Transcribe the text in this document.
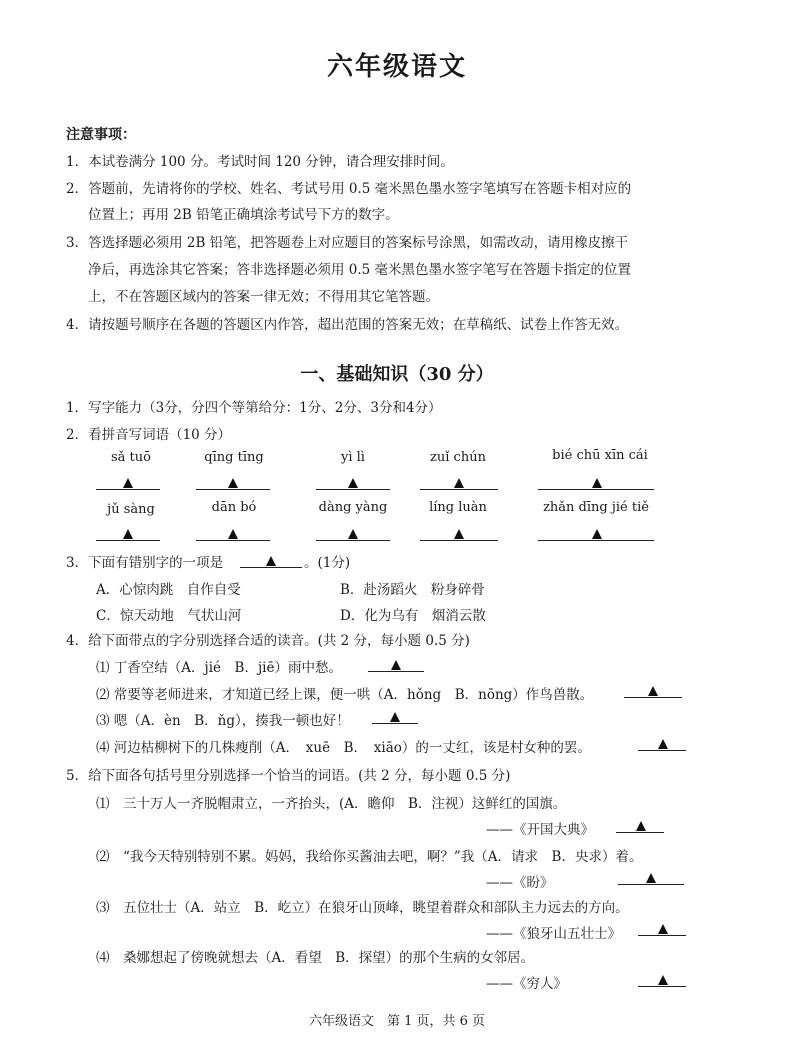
六年级语文
注意事项：
1．本试卷满分 100 分。考试时间 120 分钟，请合理安排时间。
2．答题前，先请将你的学校、姓名、考试号用 0.5 毫米黑色墨水签字笔填写在答题卡相对应的
位置上；再用 2B 铅笔正确填涂考试号下方的数字。
3．答选择题必须用 2B 铅笔，把答题卷上对应题目的答案标号涂黑，如需改动，请用橡皮擦干
净后，再选涂其它答案；答非选择题必须用 0.5 毫米黑色墨水签字笔写在答题卡指定的位置
上，不在答题区域内的答案一律无效；不得用其它笔答题。
4．请按题号顺序在各题的答题区内作答，超出范围的答案无效；在草稿纸、试卷上作答无效。
一、基础知识（30 分）
1．写字能力（3分，分四个等第给分：1分、2分、3分和4分）
2．看拼音写词语（10 分）
sǎ tuō	qīng tīng	yì lì	zuǐ chún	bié chū xīn cái
jǔ sàng	dān bó	dàng yàng	líng luàn	zhǎn dīng jié tiě
3．下面有错别字的一项是	。(1分)
A．心惊肉跳　自作自受	B．赴汤蹈火　粉身碎骨
C．惊天动地　气状山河	D．化为乌有　烟消云散
4．给下面带点的字分别选择合适的读音。(共 2 分，每小题 0.5 分)
⑴ 丁香空结（A．jié　B．jiē）雨中愁。
⑵ 常要等老师进来，才知道已经上课，便一哄（A．hǒng　B．nōng）作鸟兽散。
⑶ 嗯（A．èn　B．ňg），揍我一顿也好！
⑷ 河边枯柳树下的几株瘦削（A．　xuē　B．　xiāo）的一丈红，该是村女种的罢。
5．给下面各句括号里分别选择一个恰当的词语。(共 2 分，每小题 0.5 分)
⑴　三十万人一齐脱帽肃立，一齐抬头，(A．瞻仰　B．注视）这鲜红的国旗。
——《开国大典》
⑵　“我今天特别特别不累。妈妈，我给你买酱油去吧，啊？”我（A．请求　B．央求）着。
——《盼》
⑶　五位壮士（A．站立　B．屹立）在狼牙山顶峰，眺望着群众和部队主力远去的方向。
——《狼牙山五壮士》
⑷　桑娜想起了傍晚就想去（A．看望　B．探望）的那个生病的女邻居。
——《穷人》
六年级语文　第 1 页，共 6 页
